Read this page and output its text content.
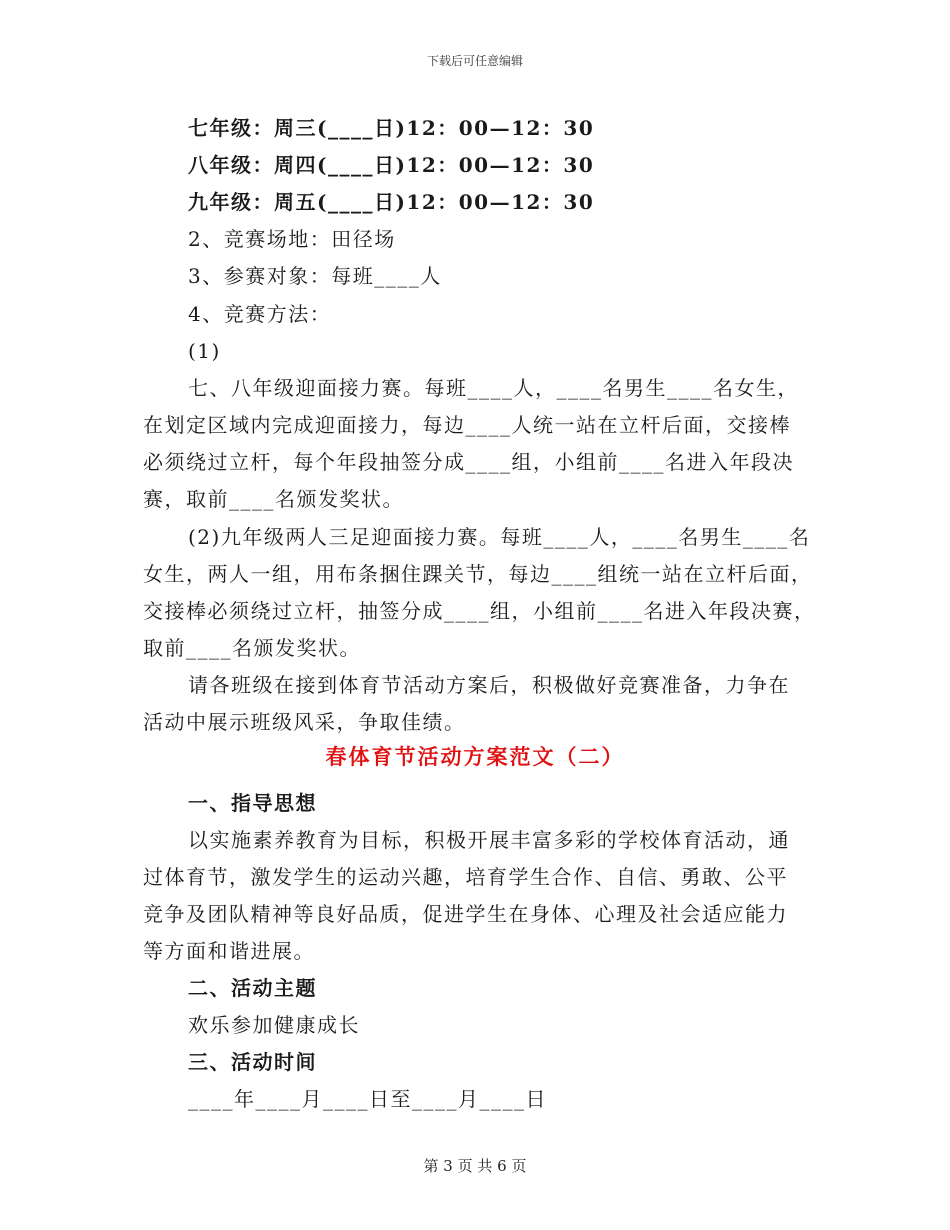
下载后可任意编辑
七年级：周三(____日)12：00—12：30
八年级：周四(____日)12：00—12：30
九年级：周五(____日)12：00—12：30
2、竞赛场地：田径场
3、参赛对象：每班____人
4、竞赛方法：
(1)
七、八年级迎面接力赛。每班____人，____名男生____名女生，
在划定区域内完成迎面接力，每边____人统一站在立杆后面，交接棒
必须绕过立杆，每个年段抽签分成____组，小组前____名进入年段决
赛，取前____名颁发奖状。
(2)九年级两人三足迎面接力赛。每班____人，____名男生____名
女生，两人一组，用布条捆住踝关节，每边____组统一站在立杆后面，
交接棒必须绕过立杆，抽签分成____组，小组前____名进入年段决赛，
取前____名颁发奖状。
请各班级在接到体育节活动方案后，积极做好竞赛准备，力争在
活动中展示班级风采，争取佳绩。
春体育节活动方案范文（二）
一、指导思想
以实施素养教育为目标，积极开展丰富多彩的学校体育活动，通
过体育节，激发学生的运动兴趣，培育学生合作、自信、勇敢、公平
竞争及团队精神等良好品质，促进学生在身体、心理及社会适应能力
等方面和谐进展。
二、活动主题
欢乐参加健康成长
三、活动时间
____年____月____日至____月____日
第 3 页 共 6 页
